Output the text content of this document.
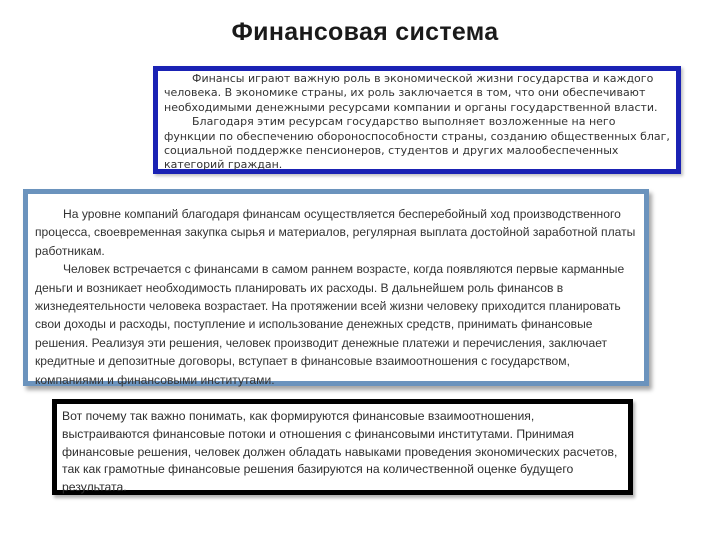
Финансовая система

Финансы играют важную роль в экономической жизни государства и каждого человека. В экономике страны, их роль заключается в том, что они обеспечивают необходимыми денежными ресурсами компании и органы государственной власти.

Благодаря этим ресурсам государство выполняет возложенные на него функции по обеспечению обороноспособности страны, созданию общественных благ, социальной поддержке пенсионеров, студентов и других малообеспеченных категорий граждан.

На уровне компаний благодаря финансам осуществляется бесперебойный ход производственного процесса, своевременная закупка сырья и материалов, регулярная выплата достойной заработной платы работникам.

Человек встречается с финансами в самом раннем возрасте, когда появляются первые карманные деньги и возникает необходимость планировать их расходы. В дальнейшем роль финансов в жизнедеятельности человека возрастает. На протяжении всей жизни человеку приходится планировать свои доходы и расходы, поступление и использование денежных средств, принимать финансовые решения. Реализуя эти решения, человек производит денежные платежи и перечисления, заключает кредитные и депозитные договоры, вступает в финансовые взаимоотношения с государством, компаниями и финансовыми институтами.

Вот почему так важно понимать, как формируются финансовые взаимоотношения, выстраиваются финансовые потоки и отношения с финансовыми институтами. Принимая финансовые решения, человек должен обладать навыками проведения экономических расчетов, так как грамотные финансовые решения базируются на количественной оценке будущего результата.
